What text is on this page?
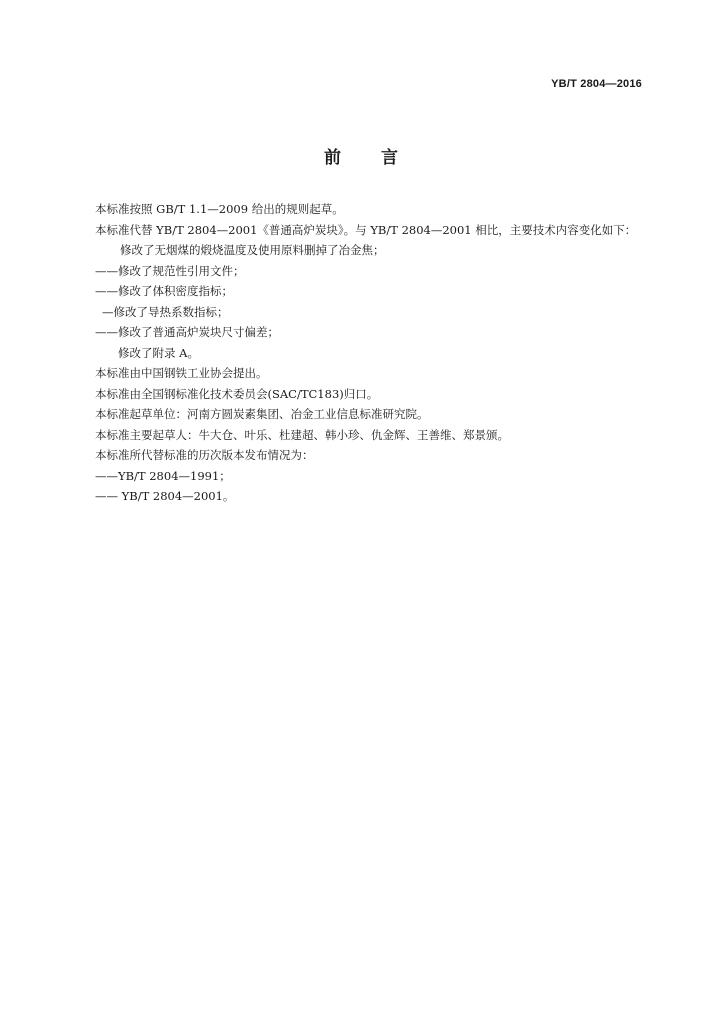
YB/T 2804—2016
前 言
本标准按照 GB/T 1.1—2009 给出的规则起草。
本标准代替 YB/T 2804—2001《普通高炉炭块》。与 YB/T 2804—2001 相比，主要技术内容变化如下：
修改了无烟煤的煅烧温度及使用原料删掉了冶金焦；
——修改了规范性引用文件；
——修改了体积密度指标；
—修改了导热系数指标；
——修改了普通高炉炭块尺寸偏差；
修改了附录 A。
本标准由中国钢铁工业协会提出。
本标准由全国钢标准化技术委员会(SAC/TC183)归口。
本标准起草单位：河南方圆炭素集团、冶金工业信息标准研究院。
本标准主要起草人：牛大仓、叶乐、杜建超、韩小珍、仇金辉、王善维、郑景颁。
本标准所代替标准的历次版本发布情况为：
——YB/T 2804—1991；
—— YB/T 2804—2001。
